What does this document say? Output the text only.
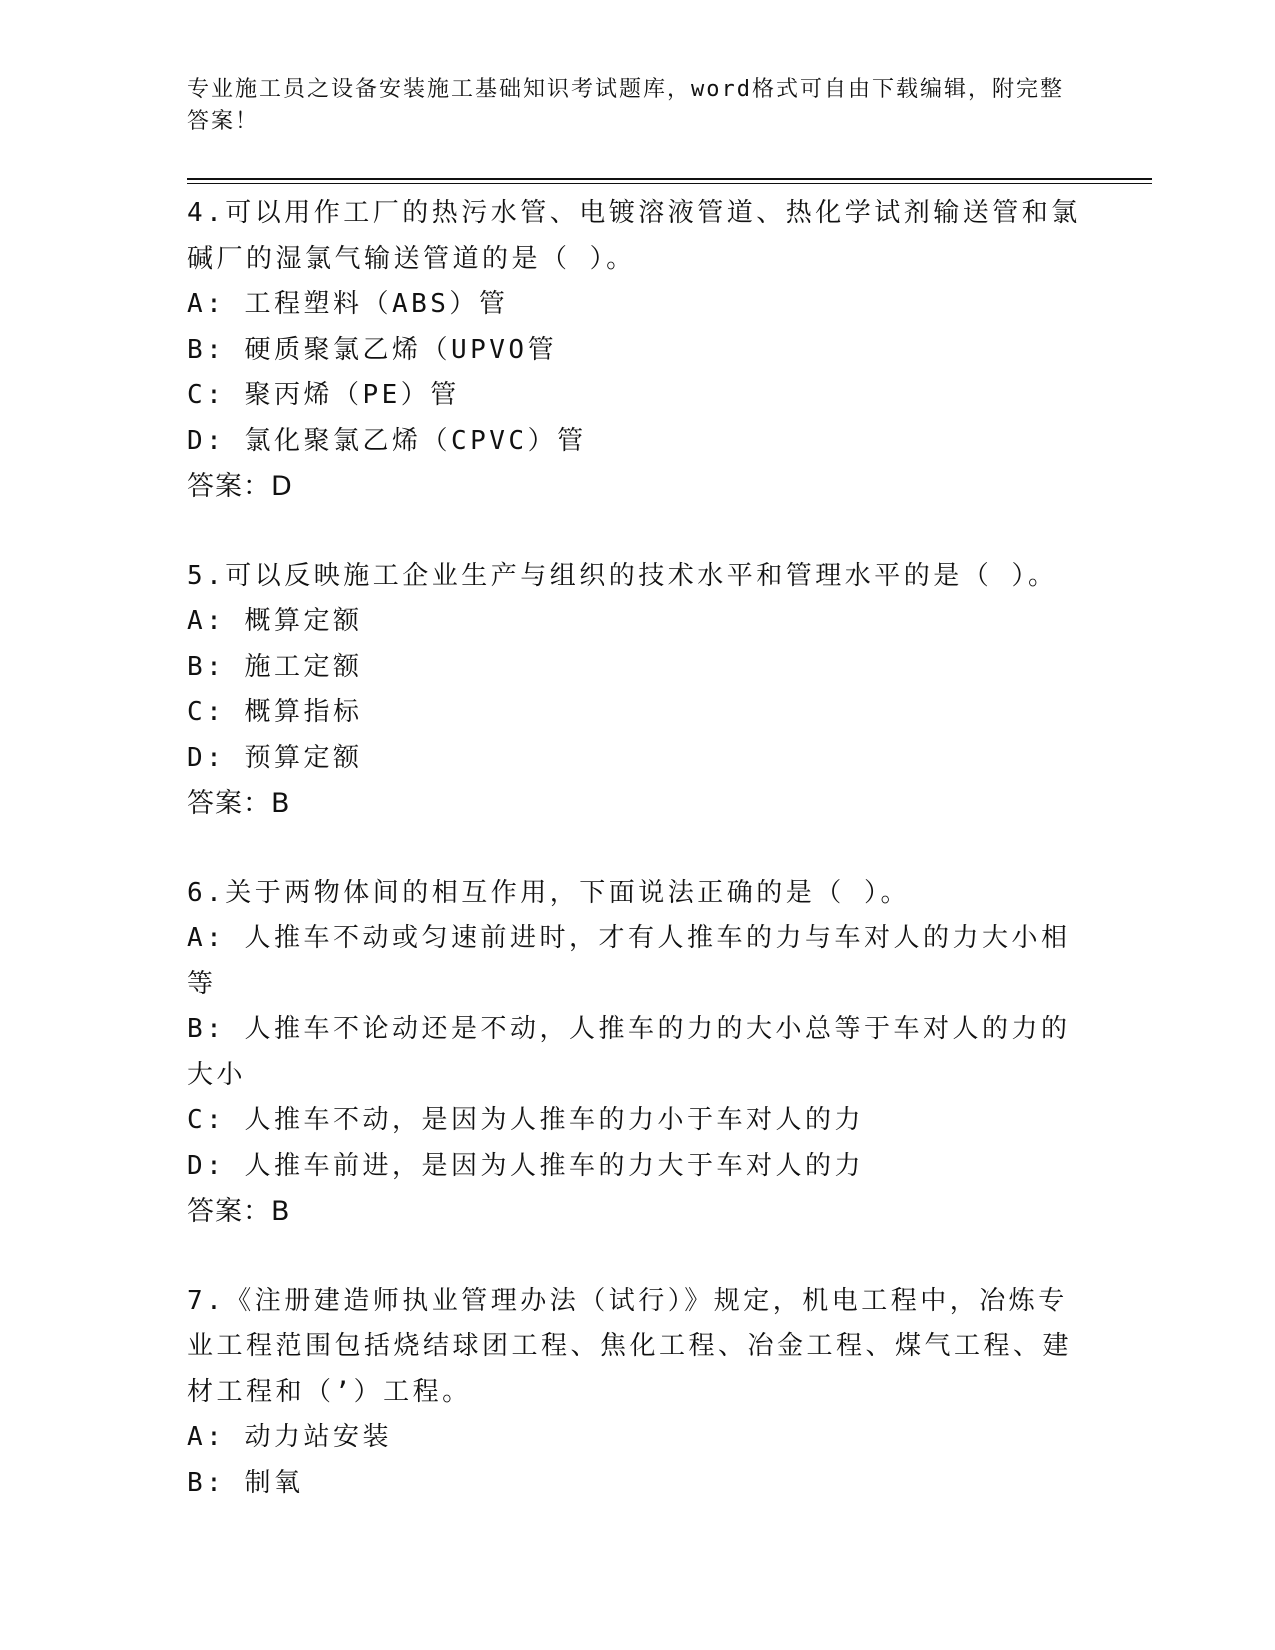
专业施工员之设备安装施工基础知识考试题库，word格式可自由下载编辑，附完整答案！

4.可以用作工厂的热污水管、电镀溶液管道、热化学试剂输送管和氯碱厂的湿氯气输送管道的是（ ）。

A: 工程塑料（ABS）管

B: 硬质聚氯乙烯（UPVO管

C: 聚丙烯（PE）管

D: 氯化聚氯乙烯（CPVC）管

答案：D

5.可以反映施工企业生产与组织的技术水平和管理水平的是（ ）。

A: 概算定额

B: 施工定额

C: 概算指标

D: 预算定额

答案：B

6.关于两物体间的相互作用，下面说法正确的是（ ）。

A: 人推车不动或匀速前进时，才有人推车的力与车对人的力大小相等

B: 人推车不论动还是不动，人推车的力的大小总等于车对人的力的大小

C: 人推车不动，是因为人推车的力小于车对人的力

D: 人推车前进，是因为人推车的力大于车对人的力

答案：B

7.《注册建造师执业管理办法（试行）》规定，机电工程中，冶炼专业工程范围包括烧结球团工程、焦化工程、冶金工程、煤气工程、建材工程和（’）工程。

A: 动力站安装

B: 制氧
